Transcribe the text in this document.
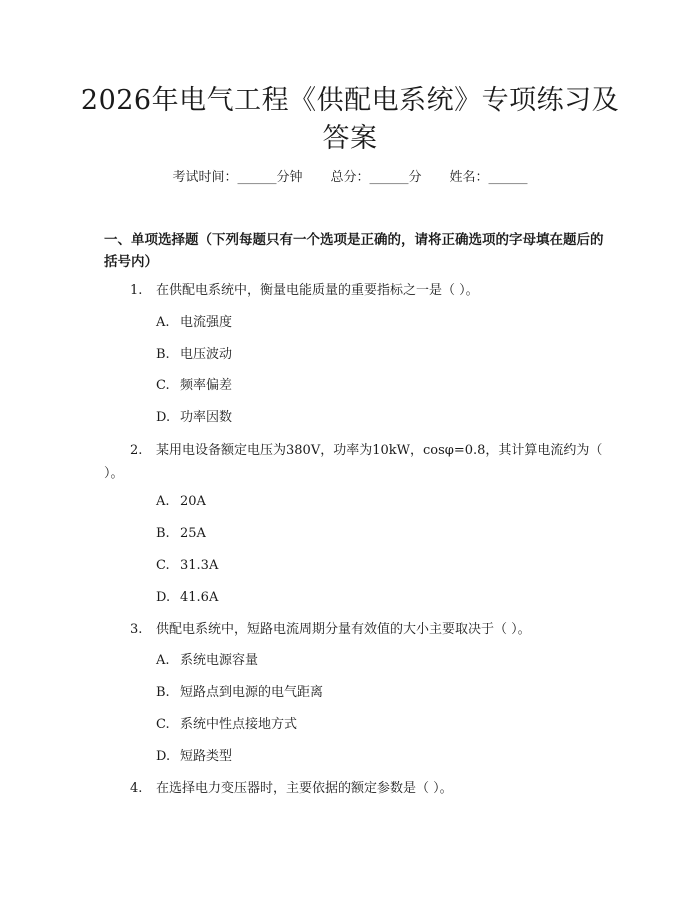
2026年电气工程《供配电系统》专项练习及答案
考试时间：______分钟 总分：______分 姓名：______
一、单项选择题（下列每题只有一个选项是正确的，请将正确选项的字母填在题后的括号内）
1. 在供配电系统中，衡量电能质量的重要指标之一是（ ）。
A. 电流强度
B. 电压波动
C. 频率偏差
D. 功率因数
2. 某用电设备额定电压为380V，功率为10kW，cosφ=0.8，其计算电流约为（ ）。
A. 20A
B. 25A
C. 31.3A
D. 41.6A
3. 供配电系统中，短路电流周期分量有效值的大小主要取决于（ ）。
A. 系统电源容量
B. 短路点到电源的电气距离
C. 系统中性点接地方式
D. 短路类型
4. 在选择电力变压器时，主要依据的额定参数是（ ）。
